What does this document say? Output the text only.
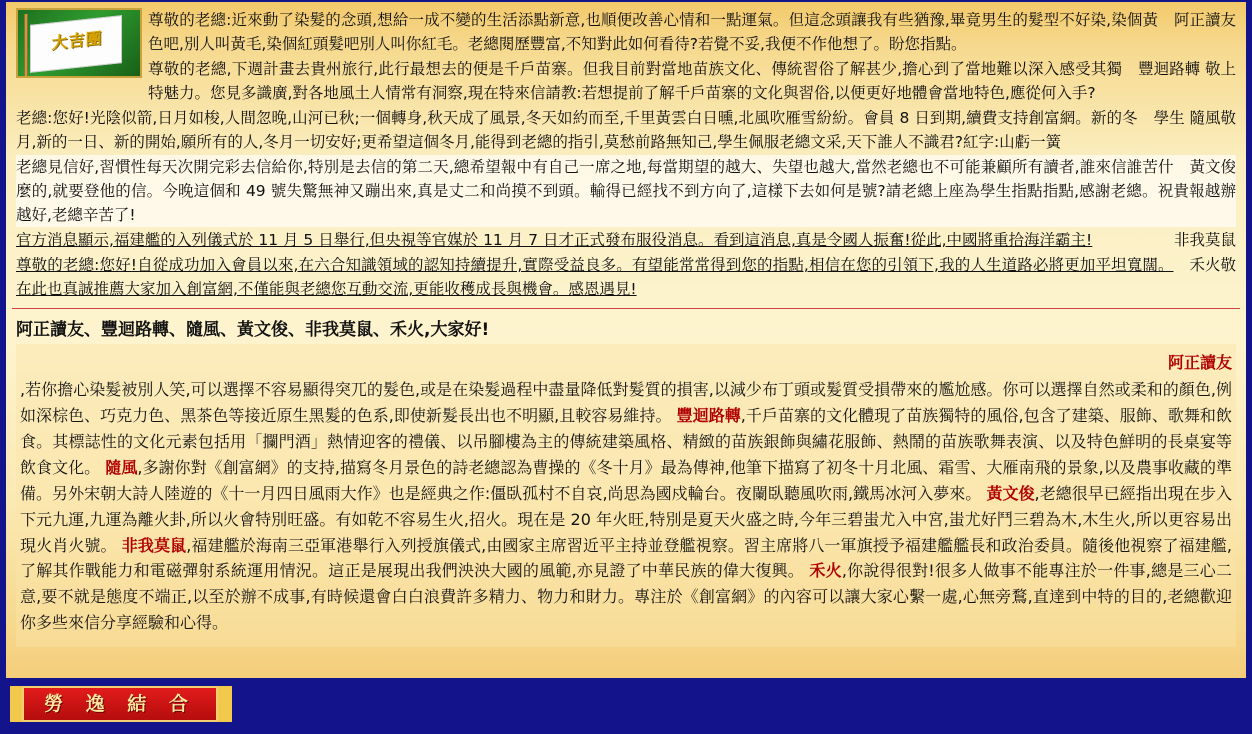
大吉團

阿正讀友
尊敬的老總:近來動了染髮的念頭,想給一成不變的生活添點新意,也順便改善心情和一點運氣。但這念頭讓我有些猶豫,畢竟男生的髮型不好染,染個黃色吧,別人叫黃毛,染個紅頭髮吧別人叫你紅毛。老總閱歷豐富,不知對此如何看待?若覺不妥,我便不作他想了。盼您指點。

豐迴路轉 敬上
尊敬的老總,下週計畫去貴州旅行,此行最想去的便是千戶苗寨。但我目前對當地苗族文化、傳統習俗了解甚少,擔心到了當地難以深入感受其獨特魅力。您見多識廣,對各地風土人情常有洞察,現在特來信請教:若想提前了解千戶苗寨的文化與習俗,以便更好地體會當地特色,應從何入手?

學生 隨風敬
老總:您好!光陰似箭,日月如梭,人間忽晚,山河已秋;一個轉身,秋天成了風景,冬天如約而至,千里黃雲白日曛,北風吹雁雪紛紛。會員 8 日到期,續費支持創富網。新的冬月,新的一日、新的開始,願所有的人,冬月一切安好;更希望這個冬月,能得到老總的指引,莫愁前路無知己,學生佩服老總文采,天下誰人不識君?紅字:山虧一簧

黃文俊
老總見信好,習慣性每天次開完彩去信給你,特別是去信的第二天,總希望報中有自己一席之地,每當期望的越大、失望也越大,當然老總也不可能兼顧所有讀者,誰來信誰苦什麼的,就要登他的信。今晚這個和 49 號失驚無神又蹦出來,真是丈二和尚摸不到頭。輸得已經找不到方向了,這樣下去如何是號?請老總上座為學生指點指點,感謝老總。祝貴報越辦越好,老總辛苦了!

非我莫鼠
官方消息顯示,福建艦的入列儀式於 11 月 5 日舉行,但央視等官媒於 11 月 7 日才正式發布服役消息。看到這消息,真是令國人振奮!從此,中國將重拾海洋霸主!

禾火敬
尊敬的老總:您好!自從成功加入會員以來,在六合知識領域的認知持續提升,實際受益良多。有望能常常得到您的指點,相信在您的引領下,我的人生道路必將更加平坦寬闊。在此也真誠推薦大家加入創富網,不僅能與老總您互動交流,更能收穫成長與機會。感恩遇見!

阿正讀友、豐迴路轉、隨風、黃文俊、非我莫鼠、禾火,大家好!

阿正讀友

,若你擔心染髮被別人笑,可以選擇不容易顯得突兀的髮色,或是在染髮過程中盡量降低對髮質的損害,以減少布丁頭或髮質受損帶來的尷尬感。你可以選擇自然或柔和的顏色,例如深棕色、巧克力色、黑茶色等接近原生黑髮的色系,即使新髮長出也不明顯,且較容易維持。 豐迴路轉,千戶苗寨的文化體現了苗族獨特的風俗,包含了建築、服飾、歌舞和飲食。其標誌性的文化元素包括用「攔門酒」熱情迎客的禮儀、以吊腳樓為主的傳統建築風格、精緻的苗族銀飾與繡花服飾、熱鬧的苗族歌舞表演、以及特色鮮明的長桌宴等飲食文化。 隨風,多謝你對《創富網》的支持,描寫冬月景色的詩老總認為曹操的《冬十月》最為傳神,他筆下描寫了初冬十月北風、霜雪、大雁南飛的景象,以及農事收藏的準備。另外宋朝大詩人陸遊的《十一月四日風雨大作》也是經典之作:僵臥孤村不自哀,尚思為國戍輪台。夜闌臥聽風吹雨,鐵馬冰河入夢來。 黃文俊,老總很早已經指出現在步入下元九運,九運為離火卦,所以火會特別旺盛。有如乾不容易生火,招火。現在是 20 年火旺,特別是夏天火盛之時,今年三碧蚩尤入中宮,蚩尤好鬥三碧為木,木生火,所以更容易出現火肖火號。 非我莫鼠,福建艦於海南三亞軍港舉行入列授旗儀式,由國家主席習近平主持並登艦視察。習主席將八一軍旗授予福建艦艦長和政治委員。隨後他視察了福建艦,了解其作戰能力和電磁彈射系統運用情況。這正是展現出我們泱泱大國的風範,亦見證了中華民族的偉大復興。 禾火,你說得很對!很多人做事不能專注於一件事,總是三心二意,要不就是態度不端正,以至於辦不成事,有時候還會白白浪費許多精力、物力和財力。專注於《創富網》的內容可以讓大家心繫一處,心無旁鶩,直達到中特的目的,老總歡迎你多些來信分享經驗和心得。

勞 逸 結 合
